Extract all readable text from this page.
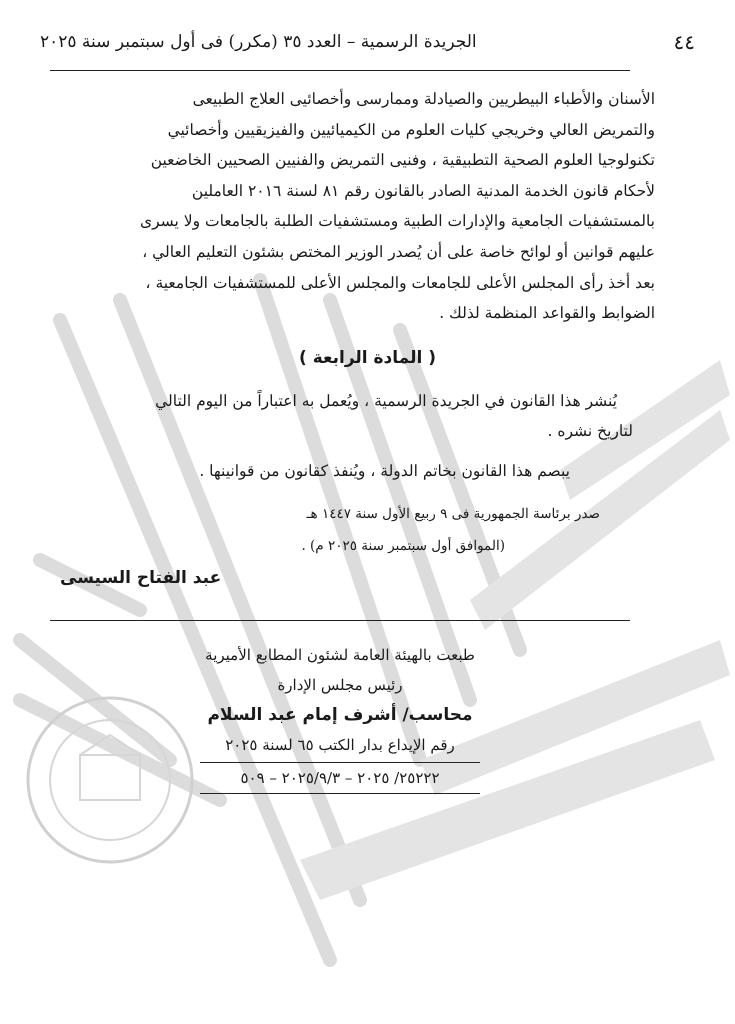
٤٤
الجريدة الرسمية – العدد ٣٥ (مكرر) فى أول سبتمبر سنة ٢٠٢٥

الأسنان والأطباء البيطريين والصيادلة وممارسى وأخصائيى العلاج الطبيعى

والتمريض العالي وخريجي كليات العلوم من الكيميائيين والفيزيقيين وأخصائيي

تكنولوجيا العلوم الصحية التطبيقية ، وفنيى التمريض والفنيين الصحيين الخاضعين

لأحكام قانون الخدمة المدنية الصادر بالقانون رقم ٨١ لسنة ٢٠١٦ العاملين

بالمستشفيات الجامعية والإدارات الطبية ومستشفيات الطلبة بالجامعات ولا يسرى

عليهم قوانين أو لوائح خاصة على أن يُصدر الوزير المختص بشئون التعليم العالي ،

بعد أخذ رأى المجلس الأعلى للجامعات والمجلس الأعلى للمستشفيات الجامعية ،

الضوابط والقواعد المنظمة لذلك .

( المادة الرابعة )

يُنشر هذا القانون في الجريدة الرسمية ، ويُعمل به اعتباراً من اليوم التالي

لتاريخ نشره .

يبصم هذا القانون بخاتم الدولة ، ويُنفذ كقانون من قوانينها .

صدر برئاسة الجمهورية فى ٩ ربيع الأول سنة ١٤٤٧ هـ

(الموافق أول سبتمبر سنة ٢٠٢٥ م) .

عبد الفتاح السيسى

طبعت بالهيئة العامة لشئون المطابع الأميرية

رئيس مجلس الإدارة

محاسب/ أشرف إمام عبد السلام

رقم الإيداع بدار الكتب ٦٥ لسنة ٢٠٢٥

٢٥٢٢٢/ ٢٠٢٥ – ٢٠٢٥/٩/٣ – ٥٠٩
